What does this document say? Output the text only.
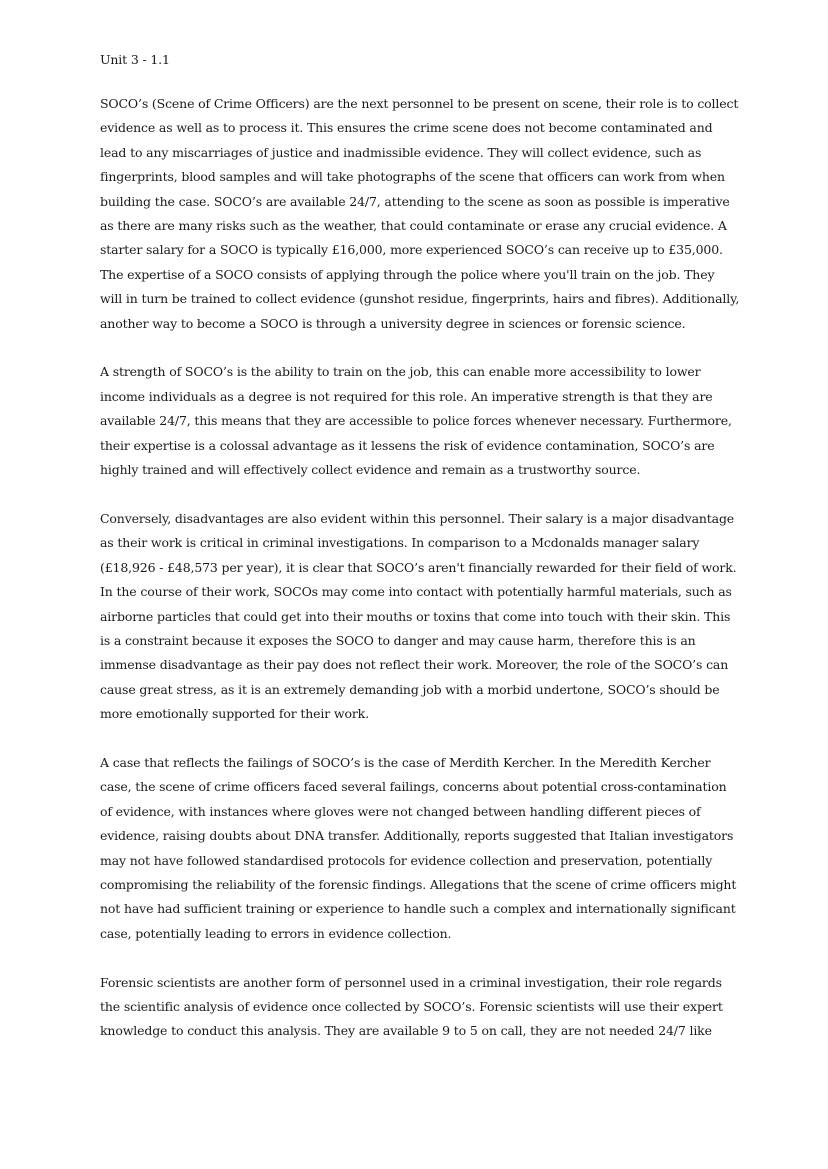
Unit 3 - 1.1

SOCO’s (Scene of Crime Officers) are the next personnel to be present on scene, their role is to collect evidence as well as to process it. This ensures the crime scene does not become contaminated and lead to any miscarriages of justice and inadmissible evidence. They will collect evidence, such as fingerprints, blood samples and will take photographs of the scene that officers can work from when building the case. SOCO’s are available 24/7, attending to the scene as soon as possible is imperative as there are many risks such as the weather, that could contaminate or erase any crucial evidence. A starter salary for a SOCO is typically £16,000, more experienced SOCO’s can receive up to £35,000. The expertise of a SOCO consists of applying through the police where you'll train on the job. They will in turn be trained to collect evidence (gunshot residue, fingerprints, hairs and fibres). Additionally, another way to become a SOCO is through a university degree in sciences or forensic science.

A strength of SOCO’s is the ability to train on the job, this can enable more accessibility to lower income individuals as a degree is not required for this role. An imperative strength is that they are available 24/7, this means that they are accessible to police forces whenever necessary. Furthermore, their expertise is a colossal advantage as it lessens the risk of evidence contamination, SOCO’s are highly trained and will effectively collect evidence and remain as a trustworthy source.

Conversely, disadvantages are also evident within this personnel. Their salary is a major disadvantage as their work is critical in criminal investigations. In comparison to a Mcdonalds manager salary (£18,926 - £48,573 per year), it is clear that SOCO’s aren't financially rewarded for their field of work. In the course of their work, SOCOs may come into contact with potentially harmful materials, such as airborne particles that could get into their mouths or toxins that come into touch with their skin. This is a constraint because it exposes the SOCO to danger and may cause harm, therefore this is an immense disadvantage as their pay does not reflect their work. Moreover, the role of the SOCO’s can cause great stress, as it is an extremely demanding job with a morbid undertone, SOCO’s should be more emotionally supported for their work.

A case that reflects the failings of SOCO’s is the case of Merdith Kercher. In the Meredith Kercher case, the scene of crime officers faced several failings, concerns about potential cross-contamination of evidence, with instances where gloves were not changed between handling different pieces of evidence, raising doubts about DNA transfer. Additionally, reports suggested that Italian investigators may not have followed standardised protocols for evidence collection and preservation, potentially compromising the reliability of the forensic findings. Allegations that the scene of crime officers might not have had sufficient training or experience to handle such a complex and internationally significant case, potentially leading to errors in evidence collection.

Forensic scientists are another form of personnel used in a criminal investigation, their role regards the scientific analysis of evidence once collected by SOCO’s. Forensic scientists will use their expert knowledge to conduct this analysis. They are available 9 to 5 on call, they are not needed 24/7 like
